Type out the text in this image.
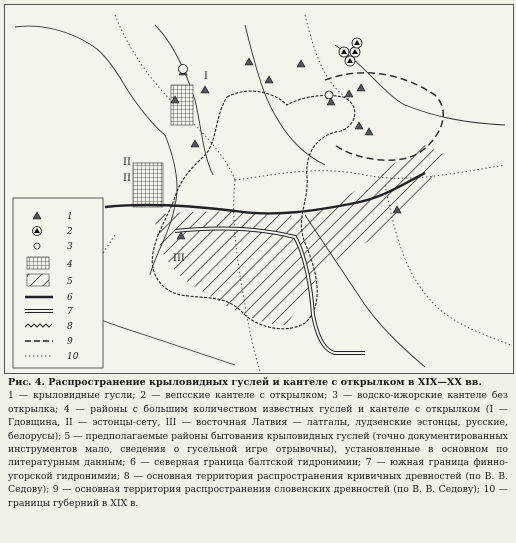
I
II
II
III
1
2
3
4
5
6
7
8
9
10

Рис. 4. Распространение крыловидных гуслей и кантеле с открылком в XIX—XX вв.

1 — крыловидные гусли; 2 — вепсские кантеле с открылком; 3 — водско-ижорские кантеле без открылка; 4 — районы с большим количеством известных гуслей и кантеле с открылком (I — Гдовщина, II — эстонцы-сету, III — восточная Латвия — латгалы, лудзенские эстонцы, русские, белорусы); 5 — предполагаемые районы бытования крыловидных гуслей (точно документированных инструментов мало, сведения о гусельной игре отрывочны), установленные в основном по литературным данным; 6 — северная граница балтской гидронимии; 7 — южная граница финно-угорской гидронимии; 8 — основная территория распространения кривичных древностей (по В. В. Седову); 9 — основная территория распространения словенских древностей (по В. В. Седову); 10 — границы губерний в XIX в.
